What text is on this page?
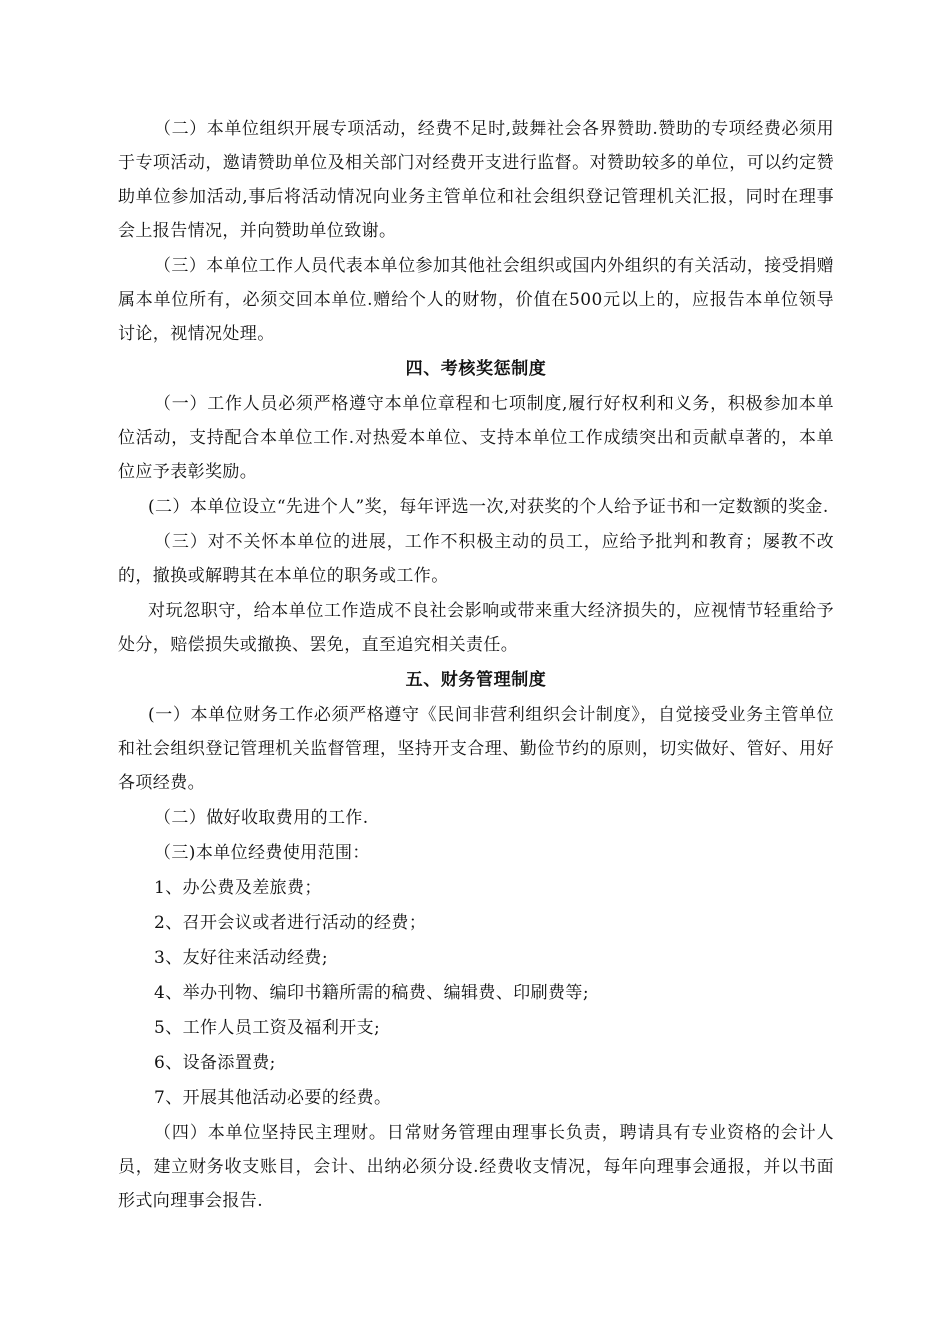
（二）本单位组织开展专项活动，经费不足时,鼓舞社会各界赞助.赞助的专项经费必须用于专项活动，邀请赞助单位及相关部门对经费开支进行监督。对赞助较多的单位，可以约定赞助单位参加活动,事后将活动情况向业务主管单位和社会组织登记管理机关汇报，同时在理事会上报告情况，并向赞助单位致谢。

（三）本单位工作人员代表本单位参加其他社会组织或国内外组织的有关活动，接受捐赠属本单位所有，必须交回本单位.赠给个人的财物，价值在500元以上的，应报告本单位领导讨论，视情况处理。

四、考核奖惩制度

（一）工作人员必须严格遵守本单位章程和七项制度,履行好权利和义务，积极参加本单位活动，支持配合本单位工作.对热爱本单位、支持本单位工作成绩突出和贡献卓著的，本单位应予表彰奖励。

(二）本单位设立“先进个人”奖，每年评选一次,对获奖的个人给予证书和一定数额的奖金.

（三）对不关怀本单位的进展，工作不积极主动的员工，应给予批判和教育；屡教不改的，撤换或解聘其在本单位的职务或工作。

对玩忽职守，给本单位工作造成不良社会影响或带来重大经济损失的，应视情节轻重给予处分，赔偿损失或撤换、罢免，直至追究相关责任。

五、财务管理制度

(一）本单位财务工作必须严格遵守《民间非营利组织会计制度》，自觉接受业务主管单位和社会组织登记管理机关监督管理，坚持开支合理、勤俭节约的原则，切实做好、管好、用好各项经费。

（二）做好收取费用的工作.

（三)本单位经费使用范围：

1、办公费及差旅费；

2、召开会议或者进行活动的经费；

3、友好往来活动经费;

4、举办刊物、编印书籍所需的稿费、编辑费、印刷费等;

5、工作人员工资及福利开支;

6、设备添置费;

7、开展其他活动必要的经费。

（四）本单位坚持民主理财。日常财务管理由理事长负责，聘请具有专业资格的会计人员，建立财务收支账目，会计、出纳必须分设.经费收支情况，每年向理事会通报，并以书面形式向理事会报告.
